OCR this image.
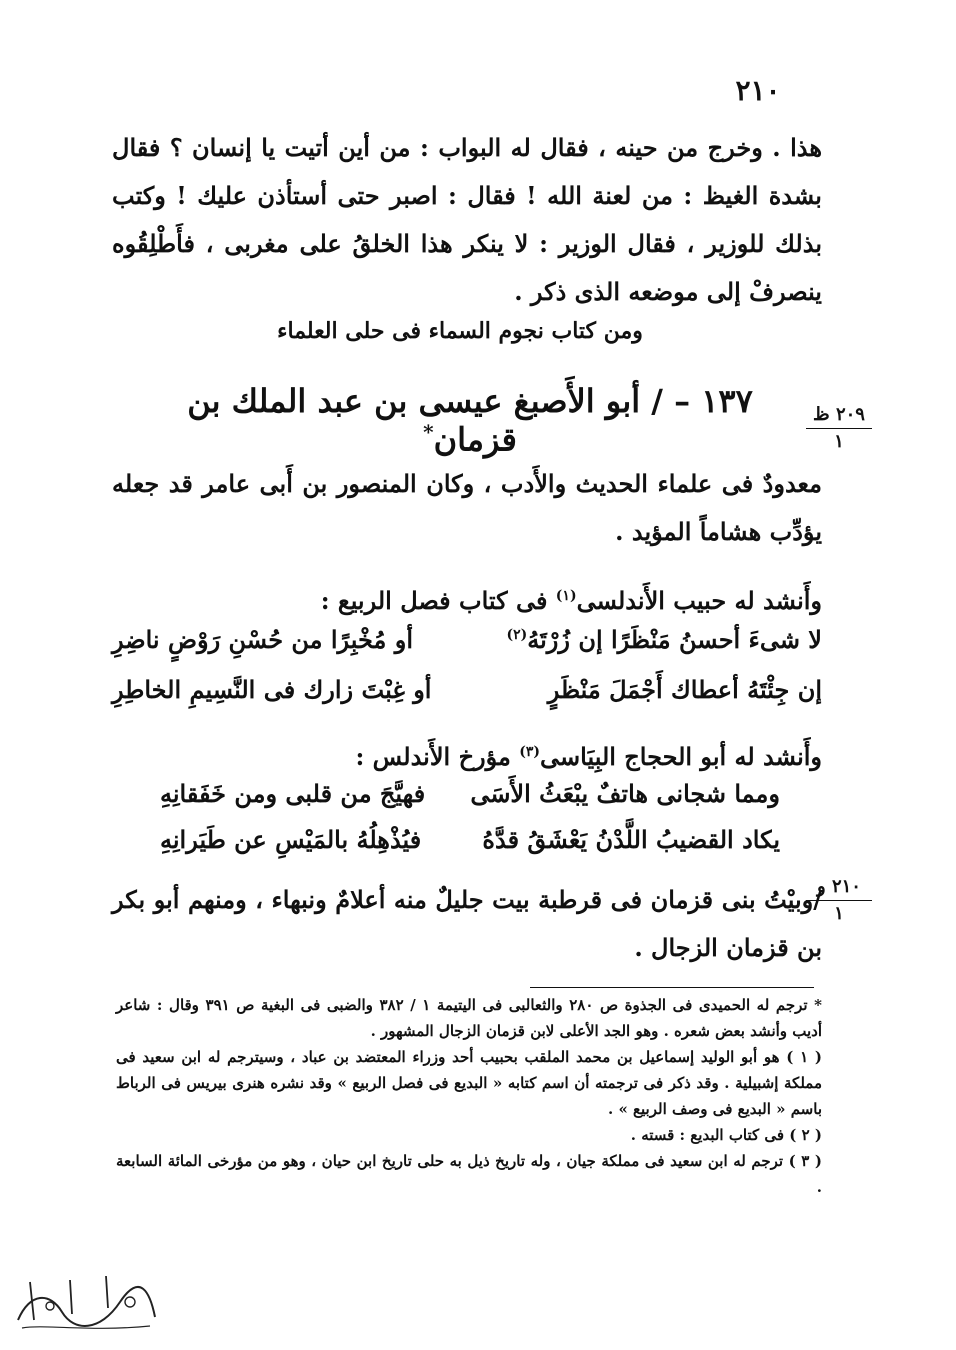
٢١٠
هذا . وخرج من حينه ، فقال له البواب : من أين أتيت يا إنسان ؟ فقال بشدة الغيظ : من لعنة الله ! فقال : اصبر حتى أستأذن عليك ! وكتب بذلك للوزير ، فقال الوزير : لا ينكر هذا الخلقُ على مغربى ، فأَطْلِقُوه ينصرفْ إلى موضعه الذى ذكر .
ومن كتاب نجوم السماء فى حلى العلماء
١٣٧ – / أبو الأَصبغ عيسى بن عبد الملك بن قزمان*
٢٠٩ ظ
١
معدودٌ فى علماء الحديث والأَدب ، وكان المنصور بن أَبى عامر قد جعله يؤدِّب هشاماً المؤيد .
وأَنشد له حبيب الأَندلسى$^{(١)}$ فى كتاب فصل الربيع :
لا شىءَ أحسنُ مَنْظَرًا إن زُرْتَهُ$^{(٢)}$
أو مُخْبِرًا من حُسْنِ رَوْضٍ ناضِرِ
إن جِئْتَهُ أعطاك أَجْمَلَ مَنْظَرٍ
أو غِبْتَ زارك فى النَّسِيمِ الخاطِرِ
وأَنشد له أبو الحجاج البِيَاسى$^{(٣)}$ مؤرخ الأَندلس :
ومما شجانى هاتفٌ يبْعَثُ الأَسَى
فهيَّجَ من قلبى ومن خَفَقانِهِ
يكاد القضيبُ اللَّدْنُ يَعْشَقُ قدَّهُ
فيُذْهِلُهُ بالمَيْسِ عن طَيَرانِهِ
٢١٠ و
١
/وبيْتُ بنى قزمان فى قرطبة بيت جليلٌ منه أعلامٌ ونبهاء ، ومنهم أبو بكر بن قزمان الزجال .

* ترجم له الحميدى فى الجذوة ص ٢٨٠ والثعالبى فى اليتيمة ١ / ٣٨٢ والضبى فى البغية ص ٣٩١ وقال : شاعر أديب وأنشد بعض شعره . وهو الجد الأعلى لابن قزمان الزجال المشهور .

( ١ ) هو أبو الوليد إسماعيل بن محمد الملقب بحبيب أحد وزراء المعتضد بن عباد ، وسيترجم له ابن سعيد فى مملكة إشبيلية . وقد ذكر فى ترجمته أن اسم كتابه « البديع فى فصل الربيع » وقد نشره هنرى بيريس فى الرباط باسم « البديع فى وصف الربيع » .

( ٢ ) فى كتاب البديع : قسته .

( ٣ ) ترجم له ابن سعيد فى مملكة جيان ، وله تاريخ ذيل به حلى تاريخ ابن حيان ، وهو من مؤرخى المائة السابعة .
